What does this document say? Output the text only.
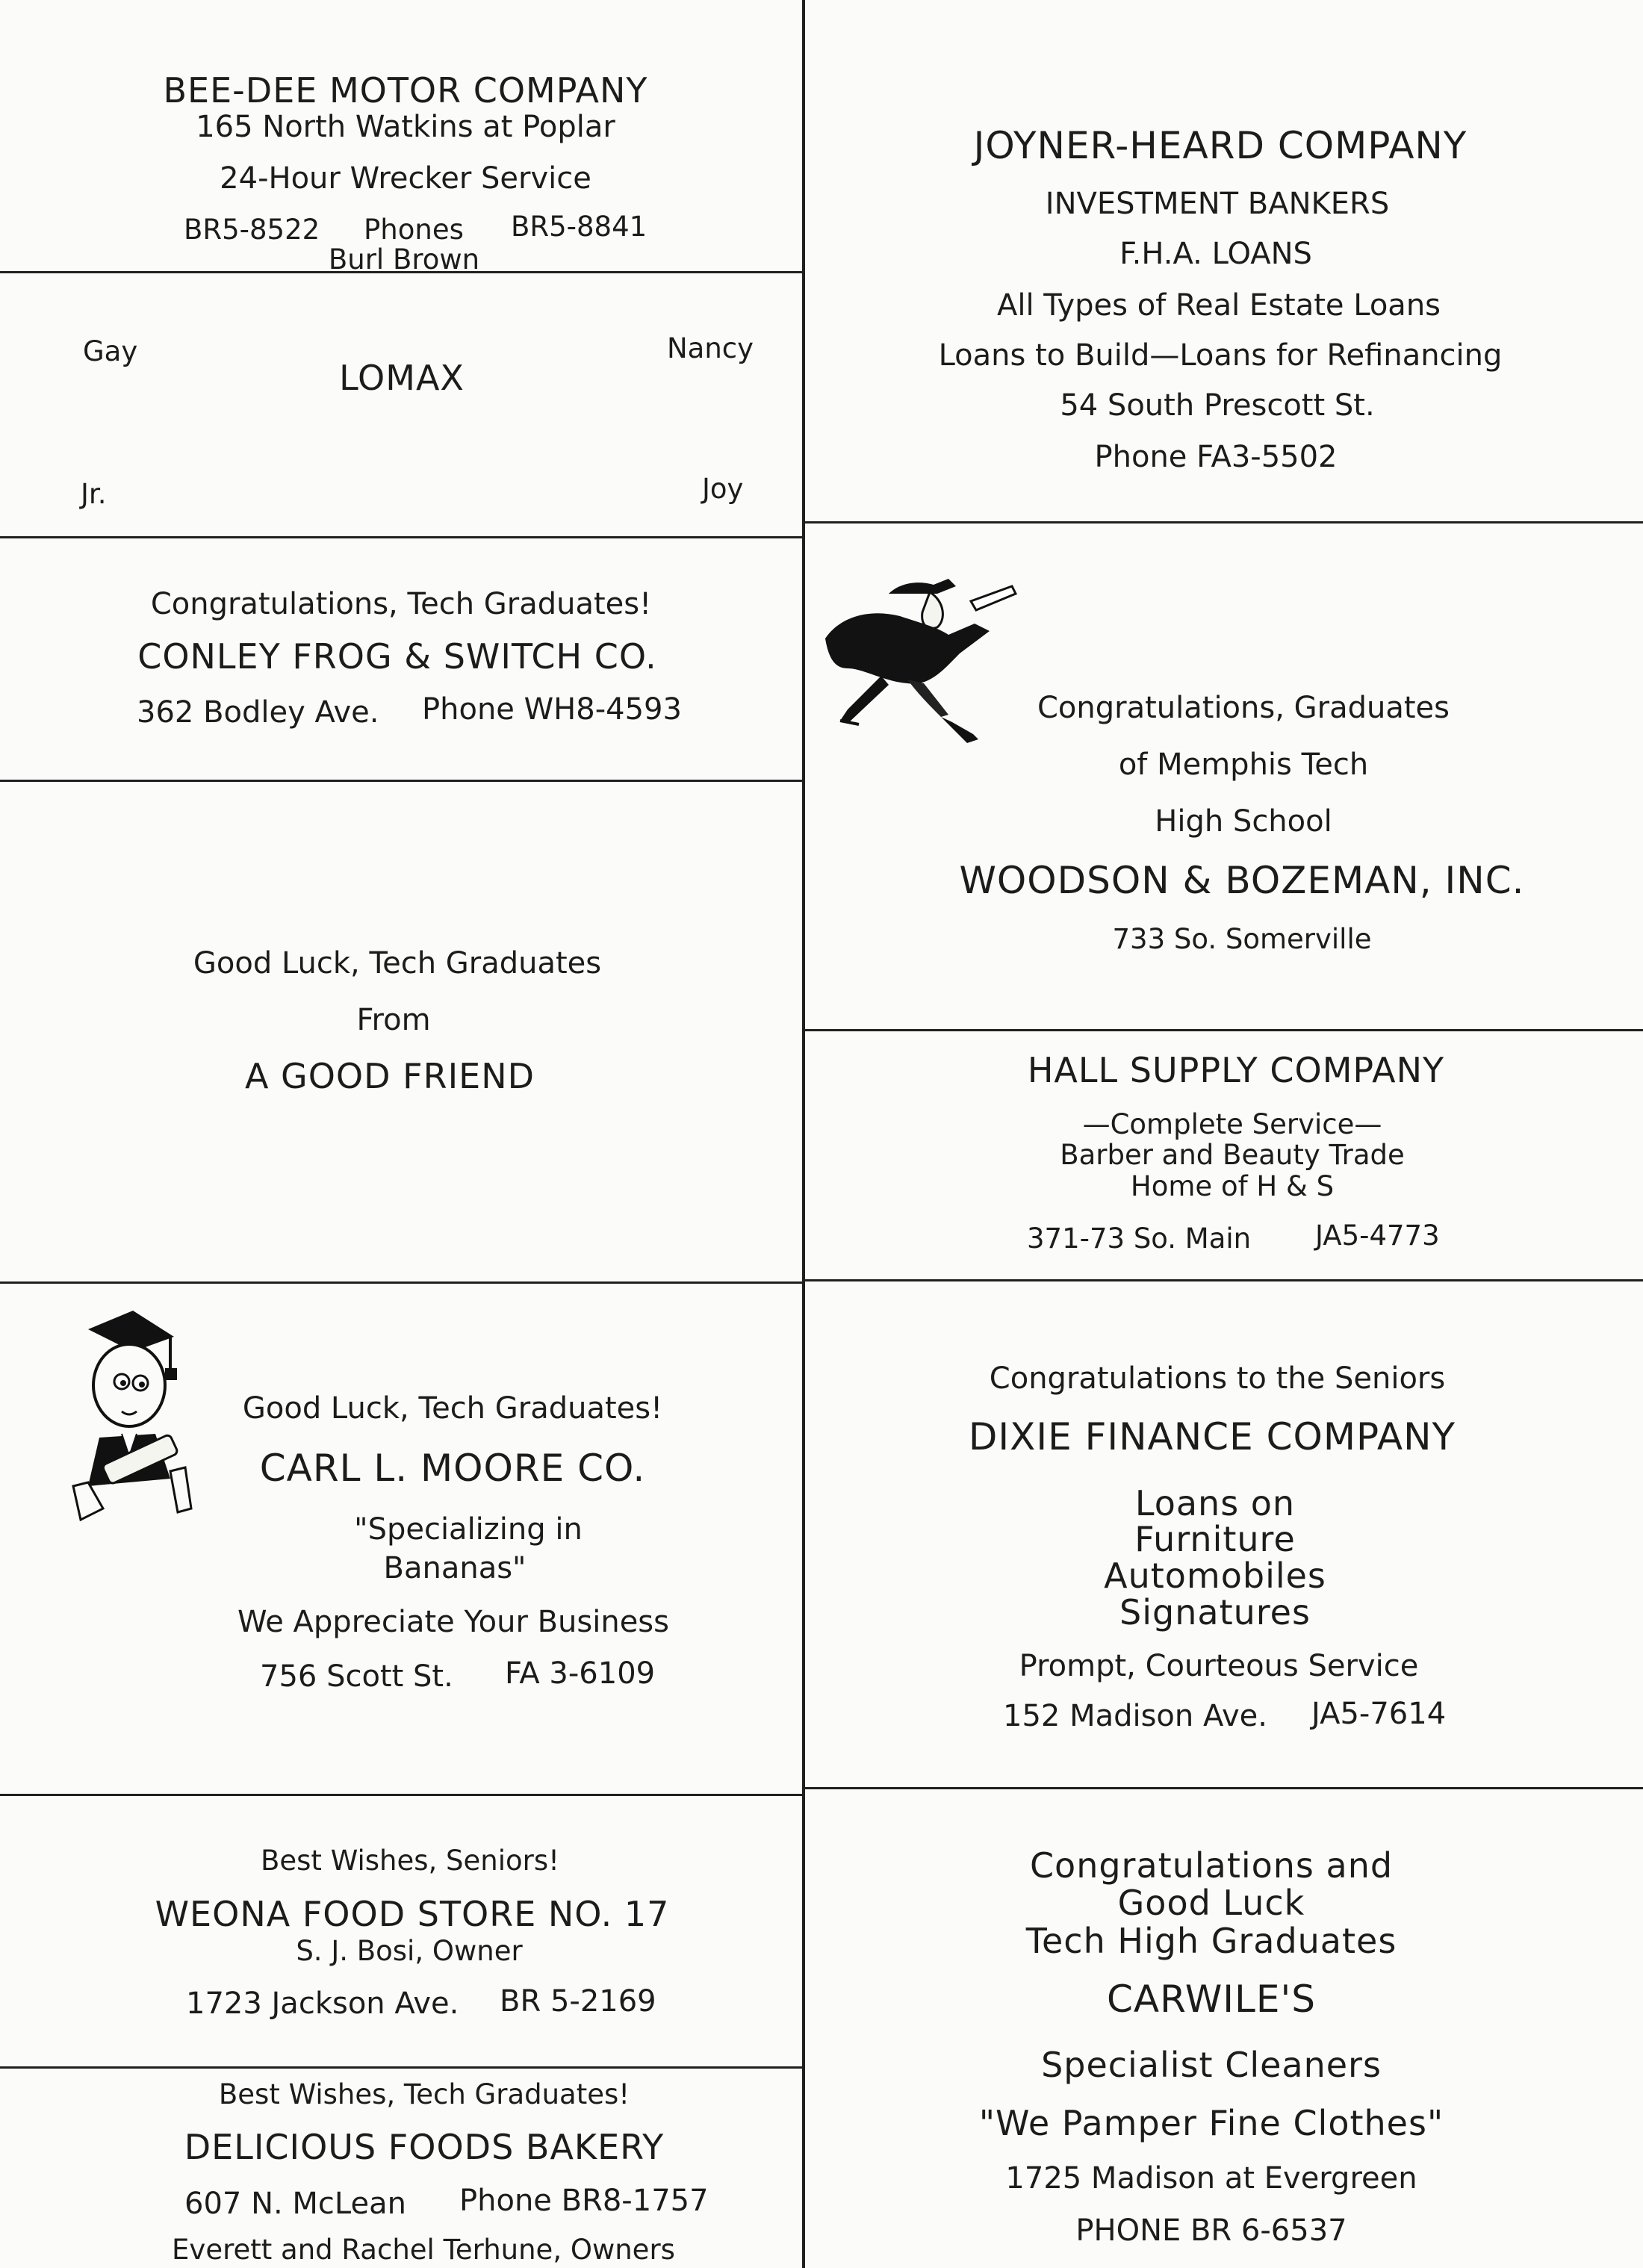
BEE-DEE MOTOR COMPANY
165 North Watkins at Poplar
24-Hour Wrecker Service
BR5-8522 Phones BR5-8841
Burl Brown
Gay	Nancy
LOMAX
Jr.	Joy
JOYNER-HEARD COMPANY
INVESTMENT BANKERS
F.H.A. LOANS
All Types of Real Estate Loans
Loans to Build—Loans for Refinancing
54 South Prescott St.
Phone FA3-5502
Congratulations, Tech Graduates!
CONLEY FROG & SWITCH CO.
362 Bodley Ave. Phone WH8-4593	Congratulations, Graduates
of Memphis Tech
High School
WOODSON & BOZEMAN, INC.
733 So. Somerville
Good Luck, Tech Graduates
From
A GOOD FRIEND	HALL SUPPLY COMPANY
—Complete Service—
Barber and Beauty Trade
Home of H & S
371-73 So. Main JA5-4773
Good Luck, Tech Graduates!
CARL L. MOORE CO.
"Specializing in
Bananas"
We Appreciate Your Business
756 Scott St. FA 3-6109
Congratulations to the Seniors
DIXIE FINANCE COMPANY
Loans on
Furniture
Automobiles
Signatures
Prompt, Courteous Service
152 Madison Ave. JA5-7614
Best Wishes, Seniors!
WEONA FOOD STORE NO. 17
S. J. Bosi, Owner
1723 Jackson Ave. BR 5-2169
Congratulations and
Good Luck
Tech High Graduates
CARWILE'S
Specialist Cleaners
"We Pamper Fine Clothes"
1725 Madison at Evergreen
PHONE BR 6-6537
Best Wishes, Tech Graduates!
DELICIOUS FOODS BAKERY
607 N. McLean Phone BR8-1757
Everett and Rachel Terhune, Owners
